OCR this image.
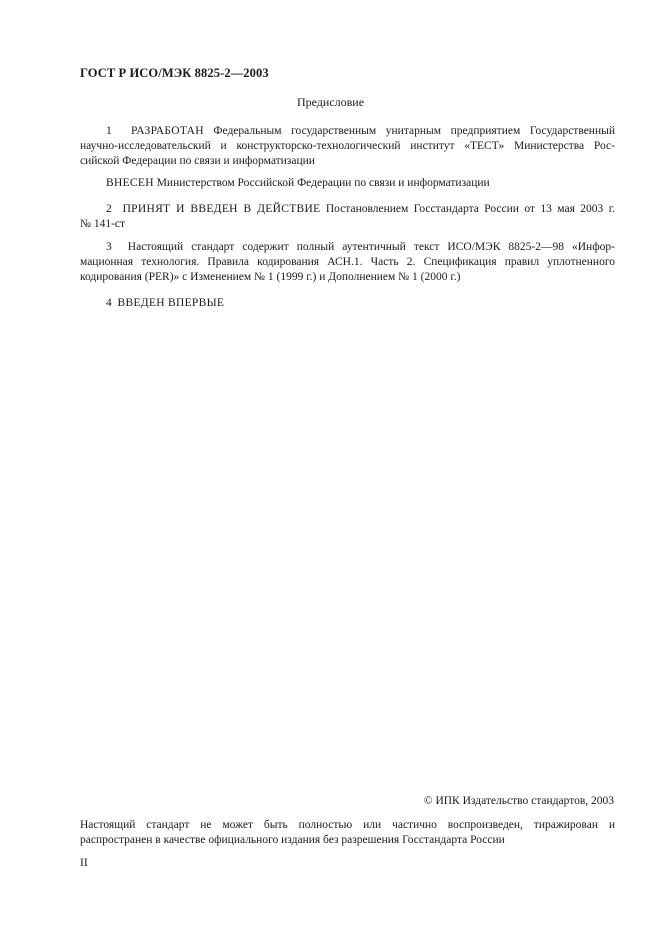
ГОСТ Р ИСО/МЭК 8825-2—2003
Предисловие
1 РАЗРАБОТАН Федеральным государственным унитарным предприятием Государственный
научно-исследовательский и конструкторско-технологический институт «ТЕСТ» Министерства Рос-
сийской Федерации по связи и информатизации
ВНЕСЕН Министерством Российской Федерации по связи и информатизации
2 ПРИНЯТ И ВВЕДЕН В ДЕЙСТВИЕ Постановлением Госстандарта России от 13 мая 2003 г.
№ 141-ст
3 Настоящий стандарт содержит полный аутентичный текст ИСО/МЭК 8825-2—98 «Инфор-
мационная технология. Правила кодирования АСН.1. Часть 2. Спецификация правил уплотненного
кодирования (PER)» с Изменением № 1 (1999 г.) и Дополнением № 1 (2000 г.)
4 ВВЕДЕН ВПЕРВЫЕ
© ИПК Издательство стандартов, 2003
Настоящий стандарт не может быть полностью или частично воспроизведен, тиражирован и
распространен в качестве официального издания без разрешения Госстандарта России
II
